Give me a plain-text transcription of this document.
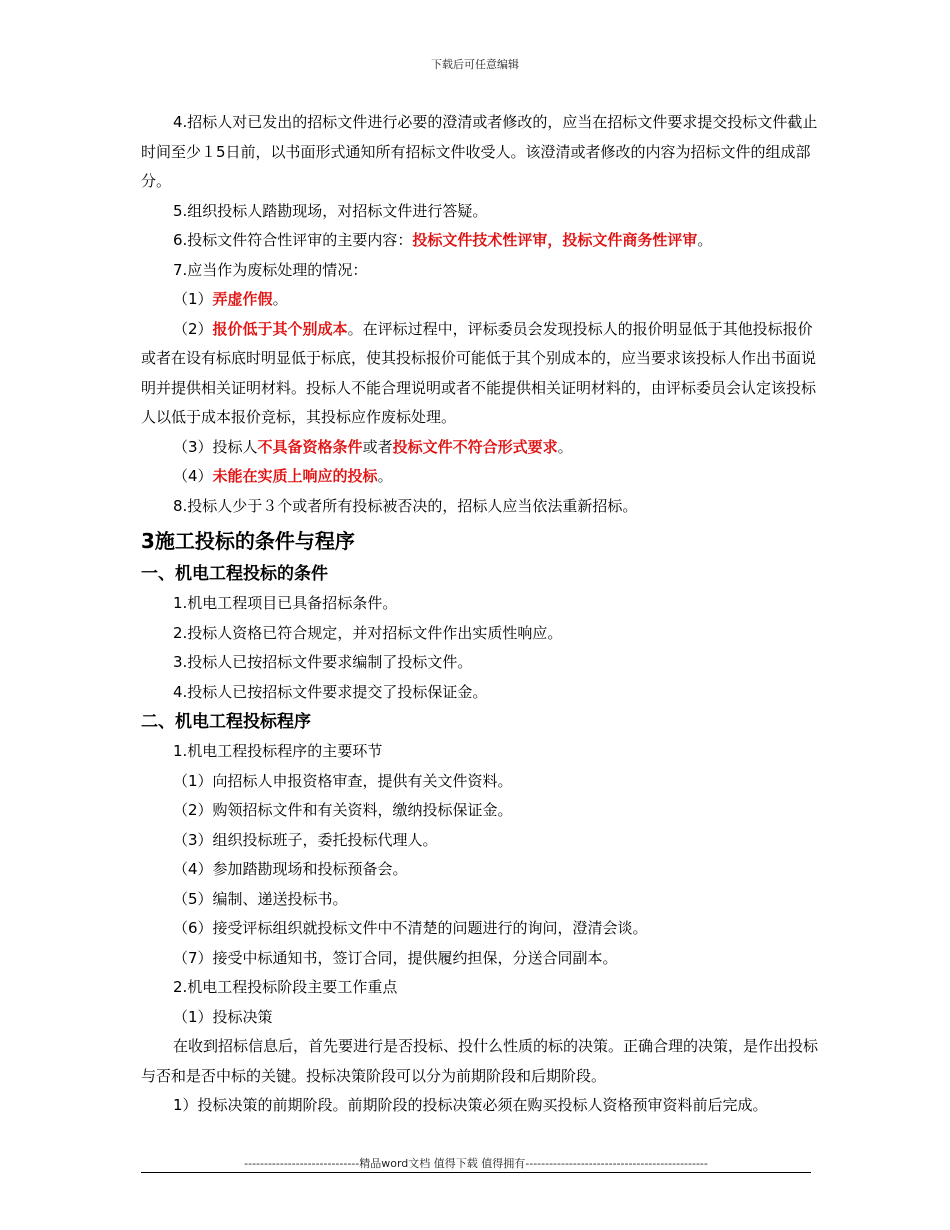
下载后可任意编辑

4.招标人对已发出的招标文件进行必要的澄清或者修改的，应当在招标文件要求提交投标文件截止时间至少１5日前，以书面形式通知所有招标文件收受人。该澄清或者修改的内容为招标文件的组成部分。

5.组织投标人踏勘现场，对招标文件进行答疑。

6.投标文件符合性评审的主要内容：投标文件技术性评审，投标文件商务性评审。

7.应当作为废标处理的情况：

（1）弄虚作假。

（2）报价低于其个别成本。在评标过程中，评标委员会发现投标人的报价明显低于其他投标报价或者在设有标底时明显低于标底，使其投标报价可能低于其个别成本的，应当要求该投标人作出书面说明并提供相关证明材料。投标人不能合理说明或者不能提供相关证明材料的，由评标委员会认定该投标人以低于成本报价竞标，其投标应作废标处理。

（3）投标人不具备资格条件或者投标文件不符合形式要求。

（4）未能在实质上响应的投标。

8.投标人少于３个或者所有投标被否决的，招标人应当依法重新招标。

3施工投标的条件与程序
一、机电工程投标的条件

1.机电工程项目已具备招标条件。

2.投标人资格已符合规定，并对招标文件作出实质性响应。

3.投标人已按招标文件要求编制了投标文件。

4.投标人已按招标文件要求提交了投标保证金。

二、机电工程投标程序

1.机电工程投标程序的主要环节

（1）向招标人申报资格审查，提供有关文件资料。

（2）购领招标文件和有关资料，缴纳投标保证金。

（3）组织投标班子，委托投标代理人。

（4）参加踏勘现场和投标预备会。

（5）编制、递送投标书。

（6）接受评标组织就投标文件中不清楚的问题进行的询问，澄清会谈。

（7）接受中标通知书，签订合同，提供履约担保，分送合同副本。

2.机电工程投标阶段主要工作重点

（1）投标决策

在收到招标信息后，首先要进行是否投标、投什么性质的标的决策。正确合理的决策，是作出投标与否和是否中标的关键。投标决策阶段可以分为前期阶段和后期阶段。

1）投标决策的前期阶段。前期阶段的投标决策必须在购买投标人资格预审资料前后完成。

-----------------------------精品word文档 值得下载 值得拥有----------------------------------------------
